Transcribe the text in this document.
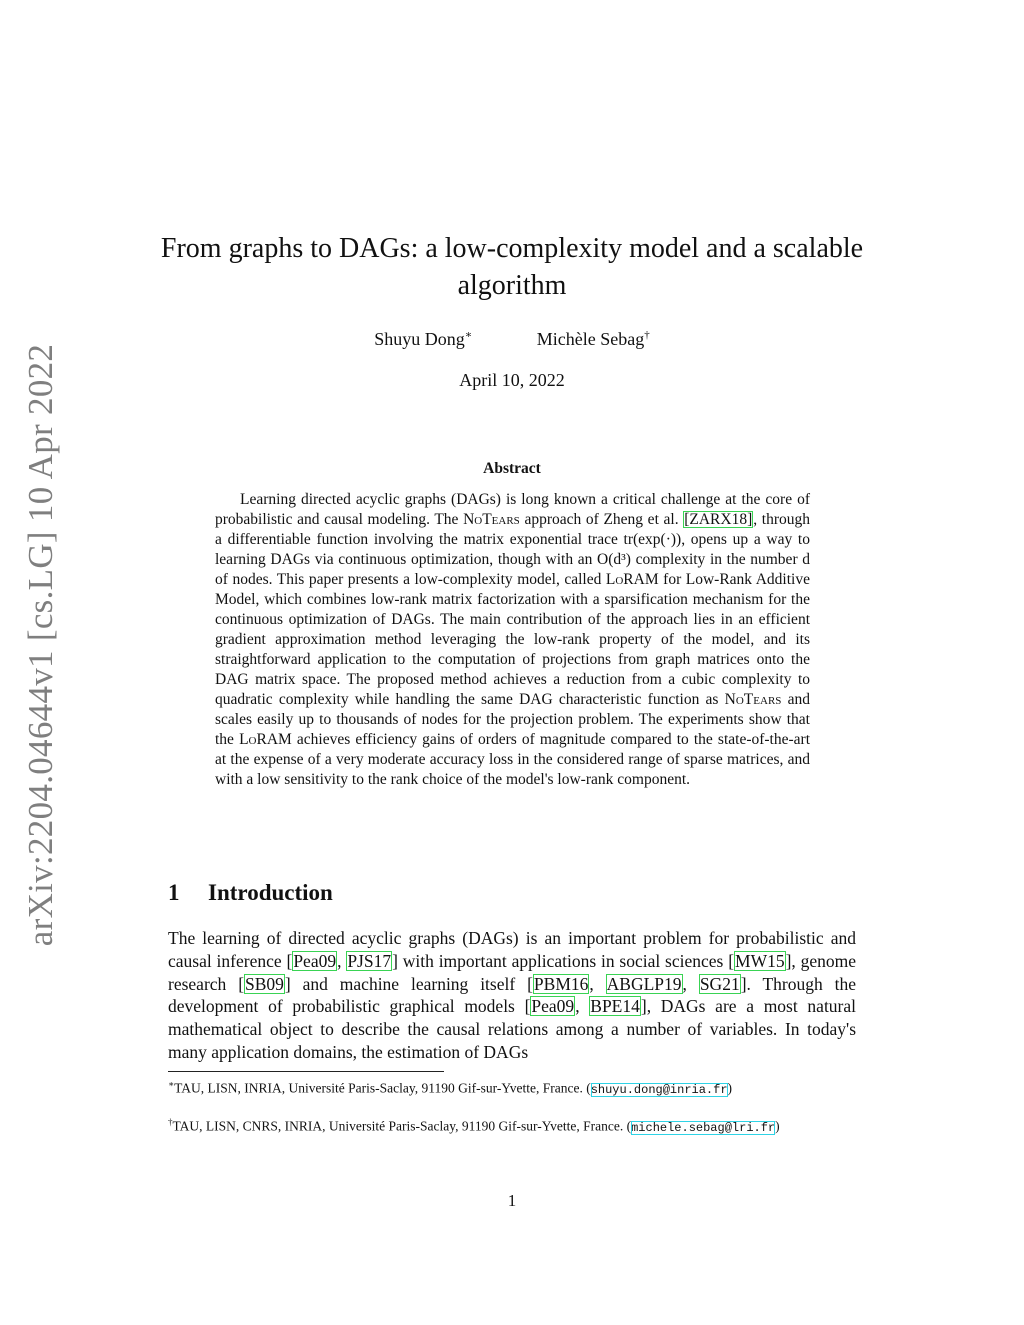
arXiv:2204.04644v1 [cs.LG] 10 Apr 2022
From graphs to DAGs: a low-complexity model and a scalable algorithm
Shuyu Dong∗	Michèle Sebag†
April 10, 2022
Abstract

Learning directed acyclic graphs (DAGs) is long known a critical challenge at the core of probabilistic and causal modeling. The NoTears approach of Zheng et al. [ZARX18], through a differentiable function involving the matrix exponential trace tr(exp(·)), opens up a way to learning DAGs via continuous optimization, though with an O(d³) complexity in the number d of nodes. This paper presents a low-complexity model, called LoRAM for Low-Rank Additive Model, which combines low-rank matrix factorization with a sparsification mechanism for the continuous optimization of DAGs. The main contribution of the approach lies in an efficient gradient approximation method leveraging the low-rank property of the model, and its straightforward application to the computation of projections from graph matrices onto the DAG matrix space. The proposed method achieves a reduction from a cubic complexity to quadratic complexity while handling the same DAG characteristic function as NoTears and scales easily up to thousands of nodes for the projection problem. The experiments show that the LoRAM achieves efficiency gains of orders of magnitude compared to the state-of-the-art at the expense of a very moderate accuracy loss in the considered range of sparse matrices, and with a low sensitivity to the rank choice of the model's low-rank component.

1 Introduction

The learning of directed acyclic graphs (DAGs) is an important problem for probabilistic and causal inference [Pea09, PJS17] with important applications in social sciences [MW15], genome research [SB09] and machine learning itself [PBM16, ABGLP19, SG21]. Through the development of probabilistic graphical models [Pea09, BPE14], DAGs are a most natural mathematical object to describe the causal relations among a number of variables. In today's many application domains, the estimation of DAGs

∗TAU, LISN, INRIA, Université Paris-Saclay, 91190 Gif-sur-Yvette, France. (shuyu.dong@inria.fr)

†TAU, LISN, CNRS, INRIA, Université Paris-Saclay, 91190 Gif-sur-Yvette, France. (michele.sebag@lri.fr)

1
